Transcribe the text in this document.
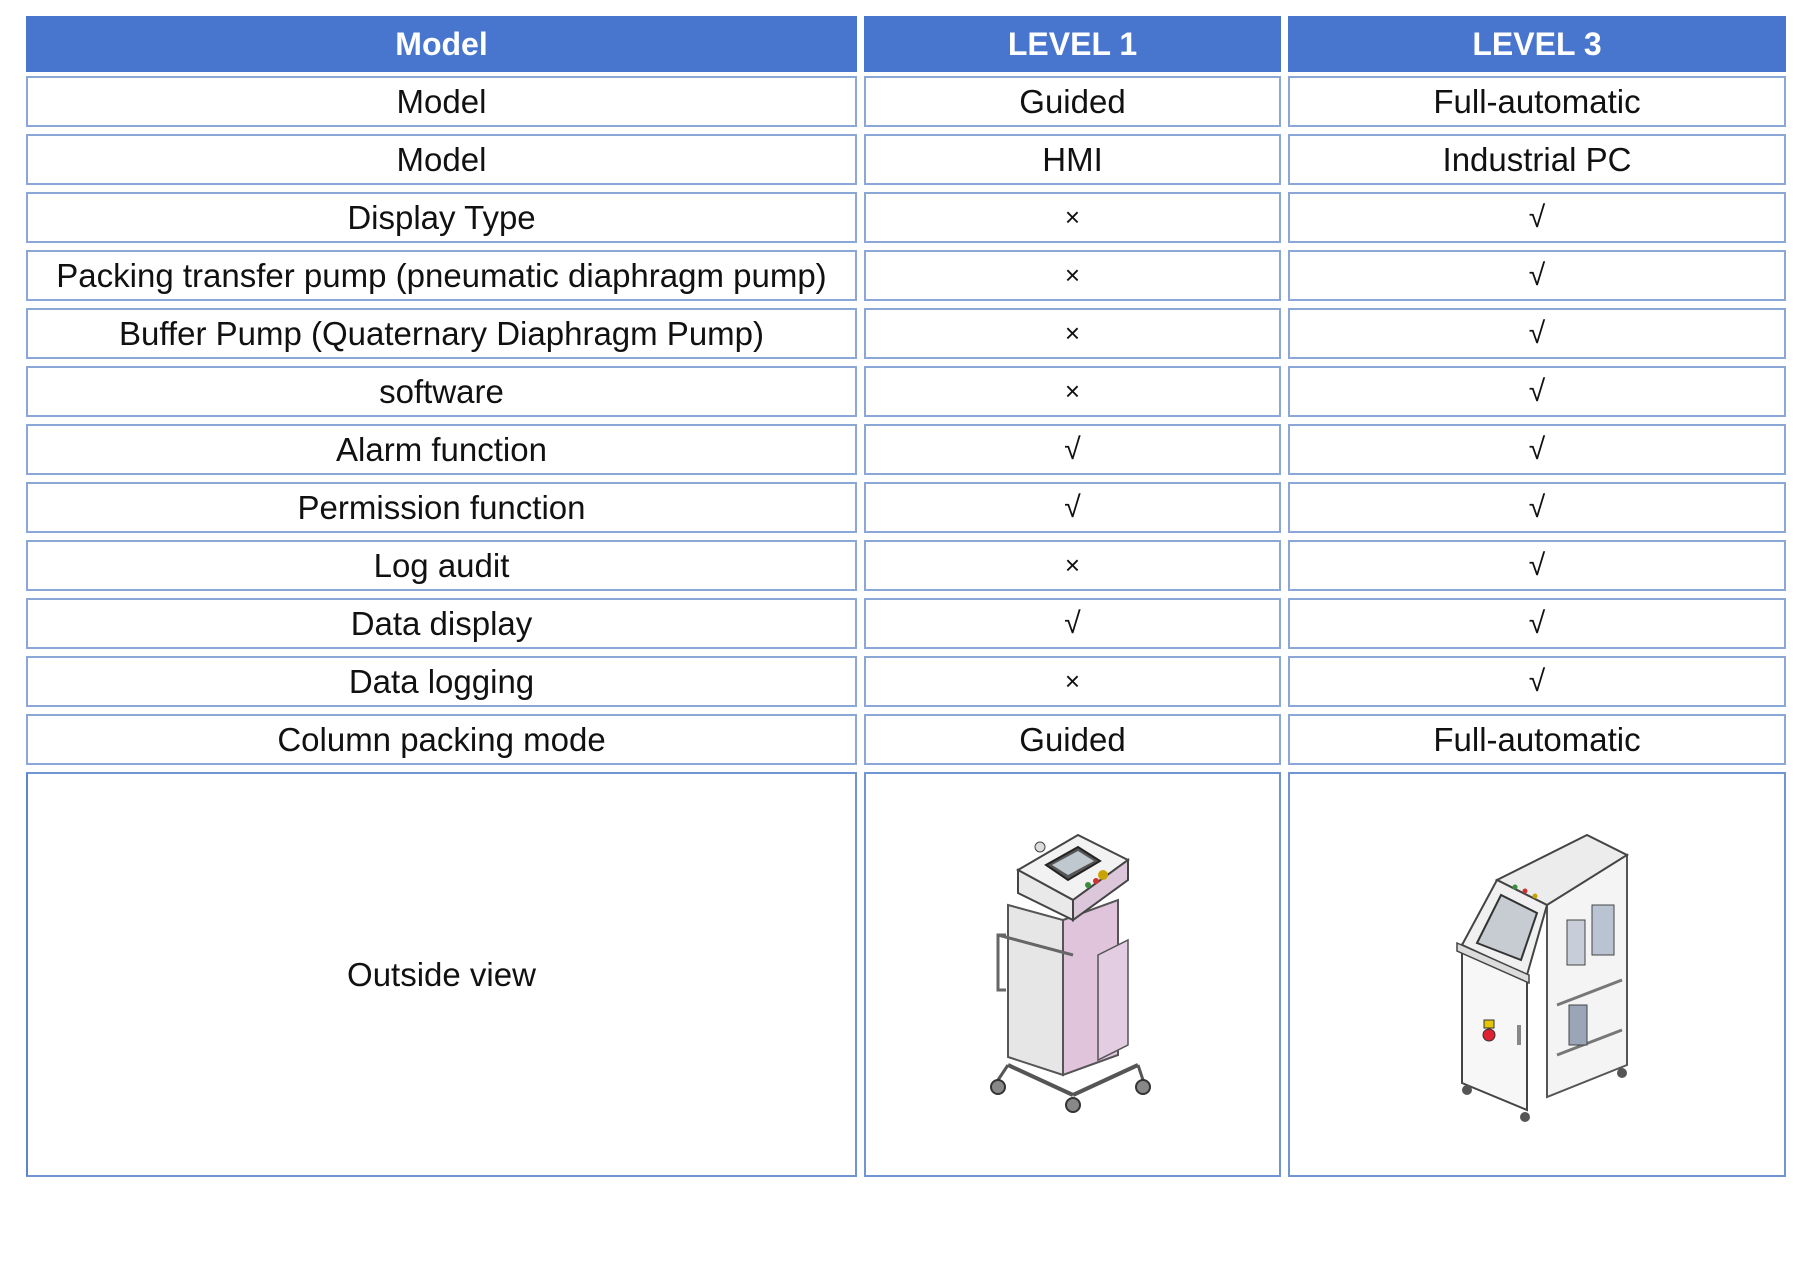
Model	LEVEL 1	LEVEL 3
Model	Guided	Full-automatic
Model	HMI	Industrial PC
Display Type	×	√
Packing transfer pump (pneumatic diaphragm pump)	×	√
Buffer Pump (Quaternary Diaphragm Pump)	×	√
software	×	√
Alarm function	√	√
Permission function	√	√
Log audit	×	√
Data display	√	√
Data logging	×	√
Column packing mode	Guided	Full-automatic
Outside view
